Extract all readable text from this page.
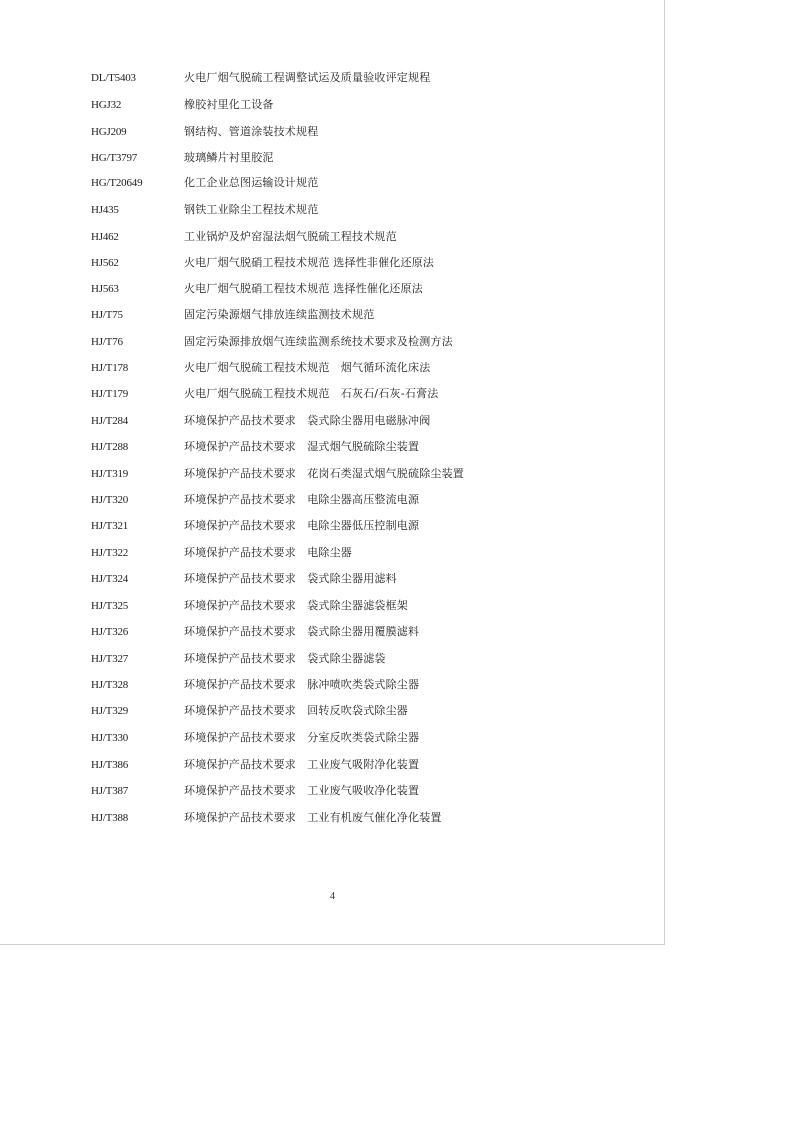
DL/T5403	火电厂烟气脱硫工程调整试运及质量验收评定规程
HGJ32	橡胶衬里化工设备
HGJ209	钢结构、管道涂装技术规程
HG/T3797	玻璃鳞片衬里胶泥
HG/T20649	化工企业总图运输设计规范
HJ435	钢铁工业除尘工程技术规范
HJ462	工业锅炉及炉窑湿法烟气脱硫工程技术规范
HJ562	火电厂烟气脱硝工程技术规范 选择性非催化还原法
HJ563	火电厂烟气脱硝工程技术规范 选择性催化还原法
HJ/T75	固定污染源烟气排放连续监测技术规范
HJ/T76	固定污染源排放烟气连续监测系统技术要求及检测方法
HJ/T178	火电厂烟气脱硫工程技术规范　烟气循环流化床法
HJ/T179	火电厂烟气脱硫工程技术规范　石灰石/石灰-石膏法
HJ/T284	环境保护产品技术要求　袋式除尘器用电磁脉冲阀
HJ/T288	环境保护产品技术要求　湿式烟气脱硫除尘装置
HJ/T319	环境保护产品技术要求　花岗石类湿式烟气脱硫除尘装置
HJ/T320	环境保护产品技术要求　电除尘器高压整流电源
HJ/T321	环境保护产品技术要求　电除尘器低压控制电源
HJ/T322	环境保护产品技术要求　电除尘器
HJ/T324	环境保护产品技术要求　袋式除尘器用滤料
HJ/T325	环境保护产品技术要求　袋式除尘器滤袋框架
HJ/T326	环境保护产品技术要求　袋式除尘器用覆膜滤料
HJ/T327	环境保护产品技术要求　袋式除尘器滤袋
HJ/T328	环境保护产品技术要求　脉冲喷吹类袋式除尘器
HJ/T329	环境保护产品技术要求　回转反吹袋式除尘器
HJ/T330	环境保护产品技术要求　分室反吹类袋式除尘器
HJ/T386	环境保护产品技术要求　工业废气吸附净化装置
HJ/T387	环境保护产品技术要求　工业废气吸收净化装置
HJ/T388	环境保护产品技术要求　工业有机废气催化净化装置
4
